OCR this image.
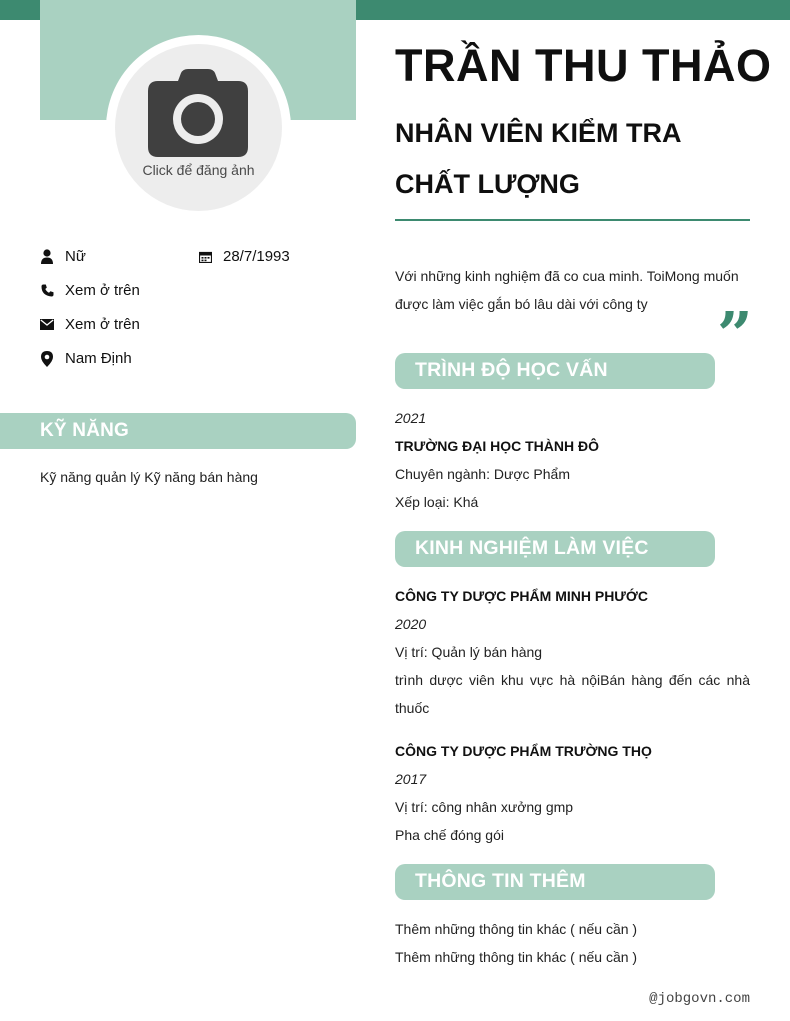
Click để đăng ảnh
Nữ	28/7/1993
Xem ở trên
Xem ở trên
Nam Định
KỸ NĂNG
Kỹ năng quản lý Kỹ năng bán hàng
TRẦN THU THẢO
NHÂN VIÊN KIỂM TRA CHẤT LƯỢNG
Với những kinh nghiệm đã co cua minh. ToiMong muốn được làm việc gắn bó lâu dài với công ty	”
TRÌNH ĐỘ HỌC VẤN
2021
TRƯỜNG ĐẠI HỌC THÀNH ĐÔ
Chuyên ngành: Dược Phẩm
Xếp loại: Khá
KINH NGHIỆM LÀM VIỆC
CÔNG TY DƯỢC PHẨM MINH PHƯỚC
2020
Vị trí: Quản lý bán hàng
trình dược viên khu vực hà nộiBán hàng đến các nhà thuốc
CÔNG TY DƯỢC PHẨM TRƯỜNG THỌ
2017
Vị trí: công nhân xưởng gmp
Pha chế đóng gói
THÔNG TIN THÊM
Thêm những thông tin khác ( nếu cần )
Thêm những thông tin khác ( nếu cần )
@jobgovn.com
